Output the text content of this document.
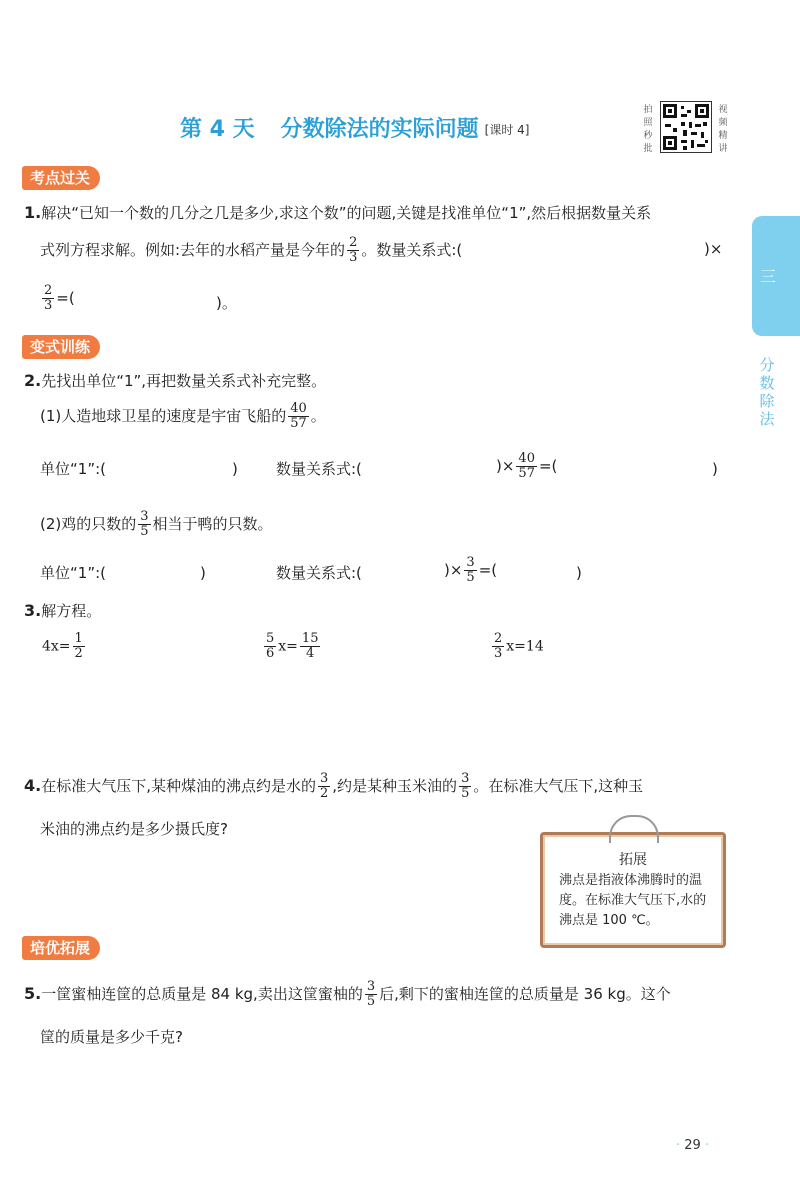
第 4 天 分数除法的实际问题 [课时 4]
拍照秒批
视频精讲
三
分数除法
考点过关
1.解决“已知一个数的几分之几是多少,求这个数”的问题,关键是找准单位“1”,然后根据数量关系
式列方程求解。例如:去年的水稻产量是今年的 $\frac{2}{3}$ 。数量关系式:(	)×
$\frac{2}{3}$ =(	)。
变式训练
2.先找出单位“1”,再把数量关系式补充完整。
(1)人造地球卫星的速度是宇宙飞船的 $\frac{40}{57}$ 。
单位“1”:(	)	数量关系式:(	)× $\frac{40}{57}$ =(	)
(2)鸡的只数的 $\frac{3}{5}$ 相当于鸭的只数。
单位“1”:(	)	数量关系式:(	)× $\frac{3}{5}$ =(	)
3.解方程。
$4x= \frac{1}{2}$	$\frac{5}{6} x= \frac{15}{4}$	$\frac{2}{3} x=14$
4.在标准大气压下,某种煤油的沸点约是水的 $\frac{3}{2}$ ,约是某种玉米油的 $\frac{3}{5}$ 。在标准大气压下,这种玉
米油的沸点约是多少摄氏度?
拓展
沸点是指液体沸腾时的温度。在标准大气压下,水的沸点是 100 ℃。
培优拓展
5.一筐蜜柚连筐的总质量是 84 kg,卖出这筐蜜柚的 $\frac{3}{5}$ 后,剩下的蜜柚连筐的总质量是 36 kg。这个
筐的质量是多少千克?
· 29 ·
